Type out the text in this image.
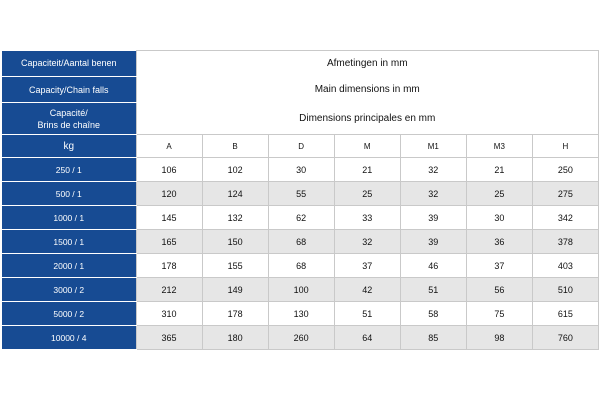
Capaciteit/Aantal benen	Afmetingen in mm						
Capacity/Chain falls	Main dimensions in mm						
Capacité/
Brins de chaîne	Dimensions principales en mm						
kg	A	B	D	M	M1	M3	H
250 / 1	106	102	30	21	32	21	250
500 / 1	120	124	55	25	32	25	275
1000 / 1	145	132	62	33	39	30	342
1500 / 1	165	150	68	32	39	36	378
2000 / 1	178	155	68	37	46	37	403
3000 / 2	212	149	100	42	51	56	510
5000 / 2	310	178	130	51	58	75	615
10000 / 4	365	180	260	64	85	98	760
